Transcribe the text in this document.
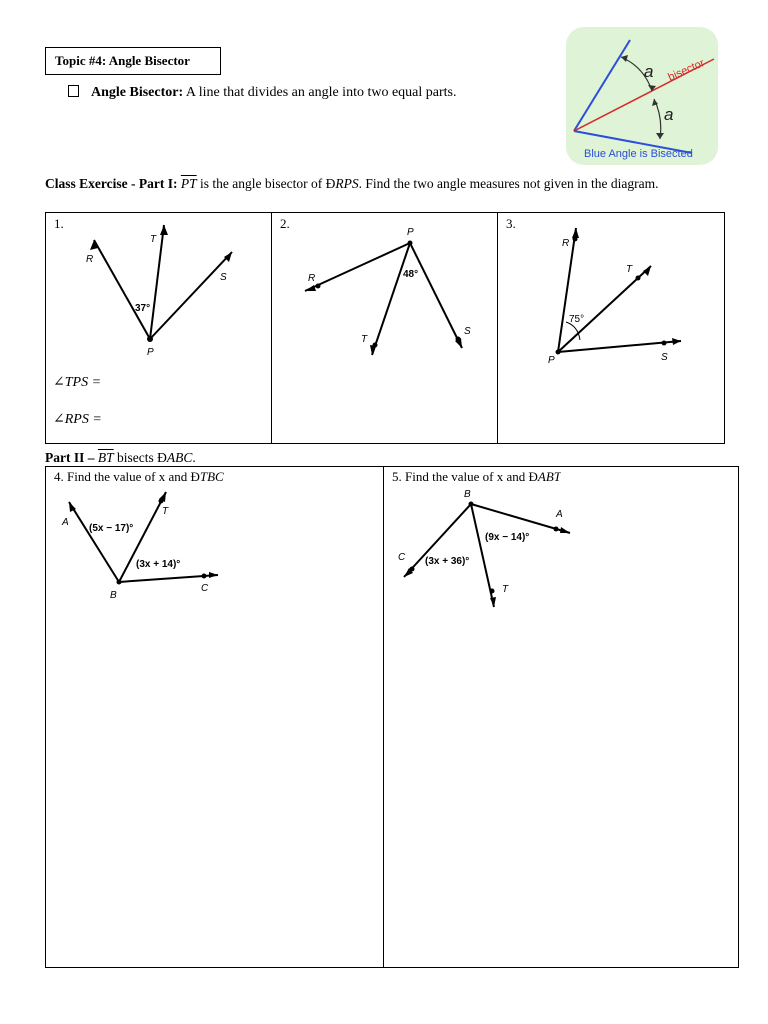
Topic #4: Angle Bisector
Angle Bisector: A line that divides an angle into two equal parts.
a
a
bisector
Blue Angle is Bisected
Class Exercise - Part I: $\overline{PT}$ is the angle bisector of ÐRPS. Find the two angle measures not given in the diagram.
1.
R
T
S
P
37°
∠TPS =
∠RPS =
2.
R
P
T
S
48°
3.
R
T
P	S
75°
Part II – $\overline{BT}$ bisects ÐABC.
4. Find the value of x and ÐTBC
A
T
B
C
(5x − 17)°
(3x + 14)°
5. Find the value of x and ÐABT
B
A
C
T
(9x − 14)°
(3x + 36)°
